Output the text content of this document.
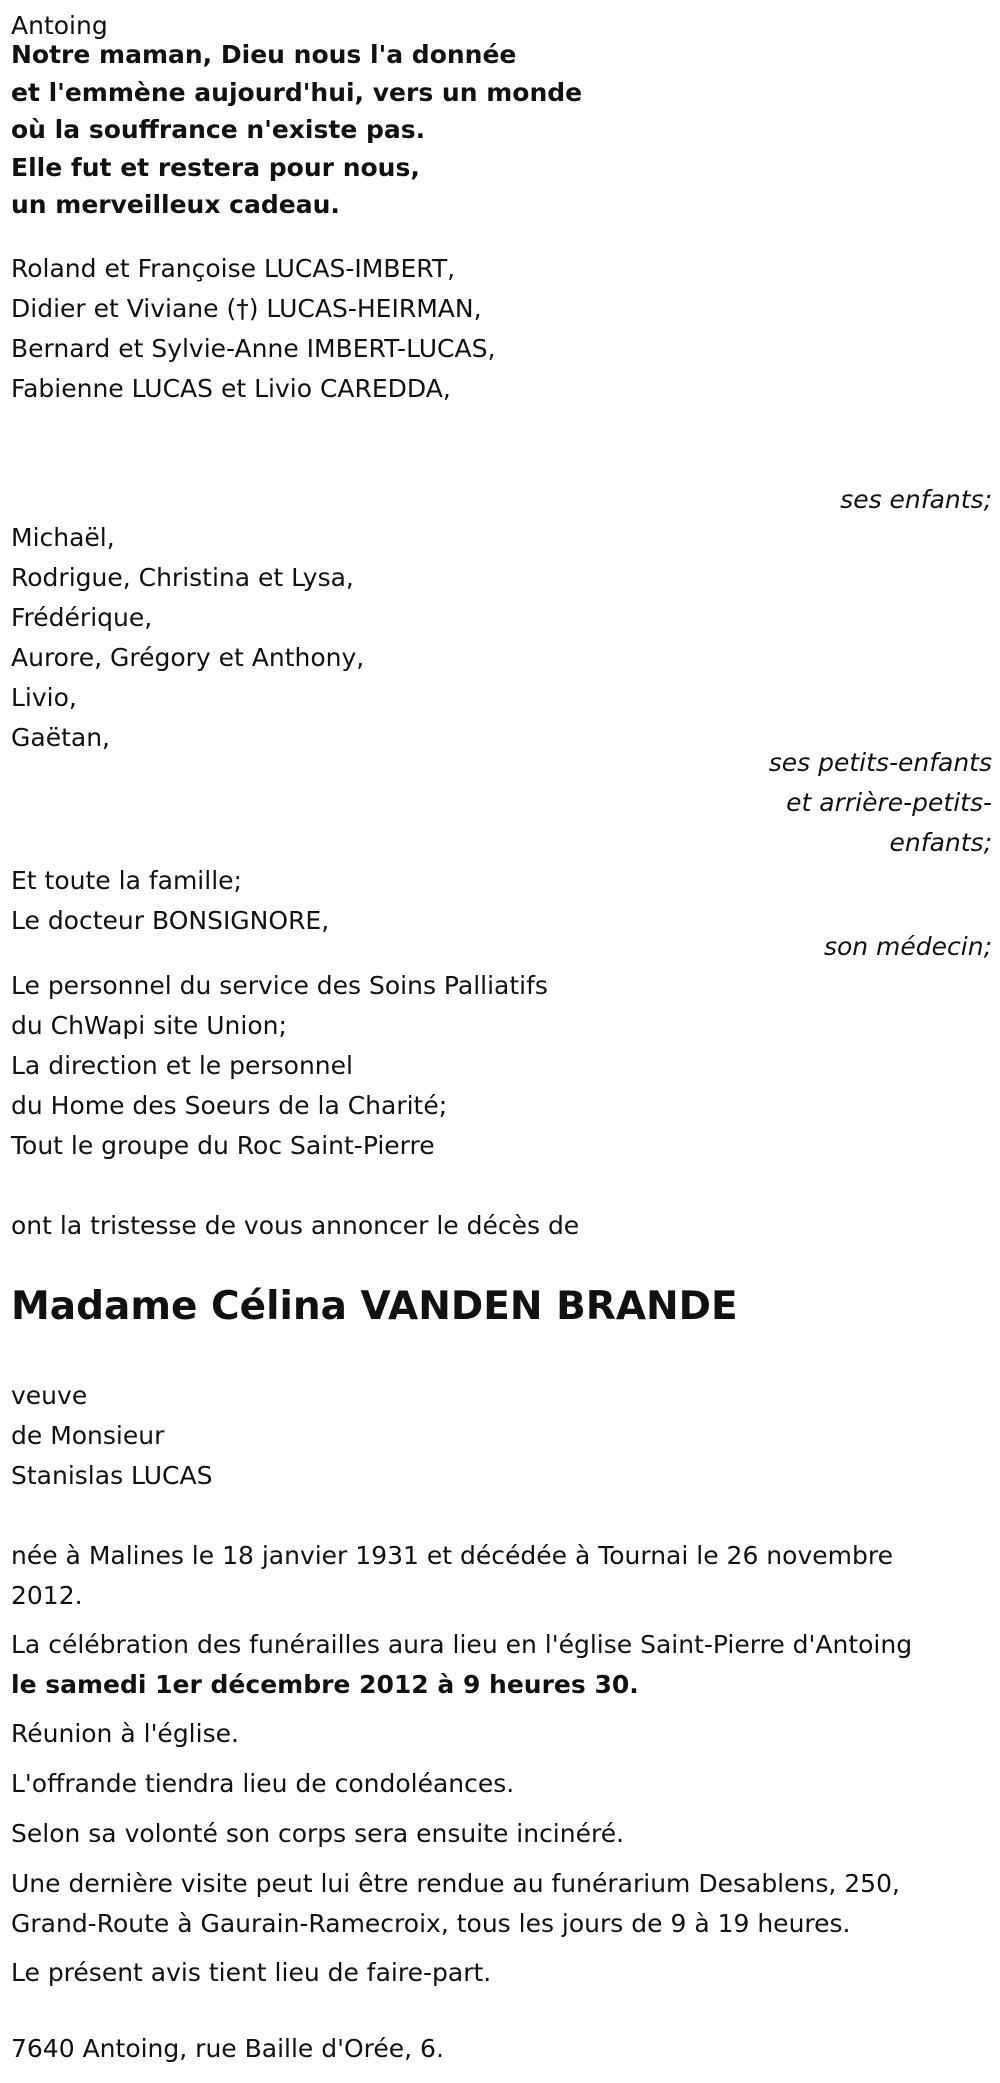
Antoing
Notre maman, Dieu nous l'a donnée
et l'emmène aujourd'hui, vers un monde
où la souffrance n'existe pas.
Elle fut et restera pour nous,
un merveilleux cadeau.
Roland et Françoise LUCAS-IMBERT,
Didier et Viviane (†) LUCAS-HEIRMAN,
Bernard et Sylvie-Anne IMBERT-LUCAS,
Fabienne LUCAS et Livio CAREDDA,
ses enfants;
Michaël,
Rodrigue, Christina et Lysa,
Frédérique,
Aurore, Grégory et Anthony,
Livio,
Gaëtan,
ses petits-enfants
et arrière-petits-
enfants;
Et toute la famille;
Le docteur BONSIGNORE,
son médecin;
Le personnel du service des Soins Palliatifs
du ChWapi site Union;
La direction et le personnel
du Home des Soeurs de la Charité;
Tout le groupe du Roc Saint-Pierre
ont la tristesse de vous annoncer le décès de
Madame Célina VANDEN BRANDE
veuve
de Monsieur
Stanislas LUCAS
née à Malines le 18 janvier 1931 et décédée à Tournai le 26 novembre
2012.
La célébration des funérailles aura lieu en l'église Saint-Pierre d'Antoing
le samedi 1er décembre 2012 à 9 heures 30.
Réunion à l'église.
L'offrande tiendra lieu de condoléances.
Selon sa volonté son corps sera ensuite incinéré.
Une dernière visite peut lui être rendue au funérarium Desablens, 250,
Grand-Route à Gaurain-Ramecroix, tous les jours de 9 à 19 heures.
Le présent avis tient lieu de faire-part.
7640 Antoing, rue Baille d'Orée, 6.
